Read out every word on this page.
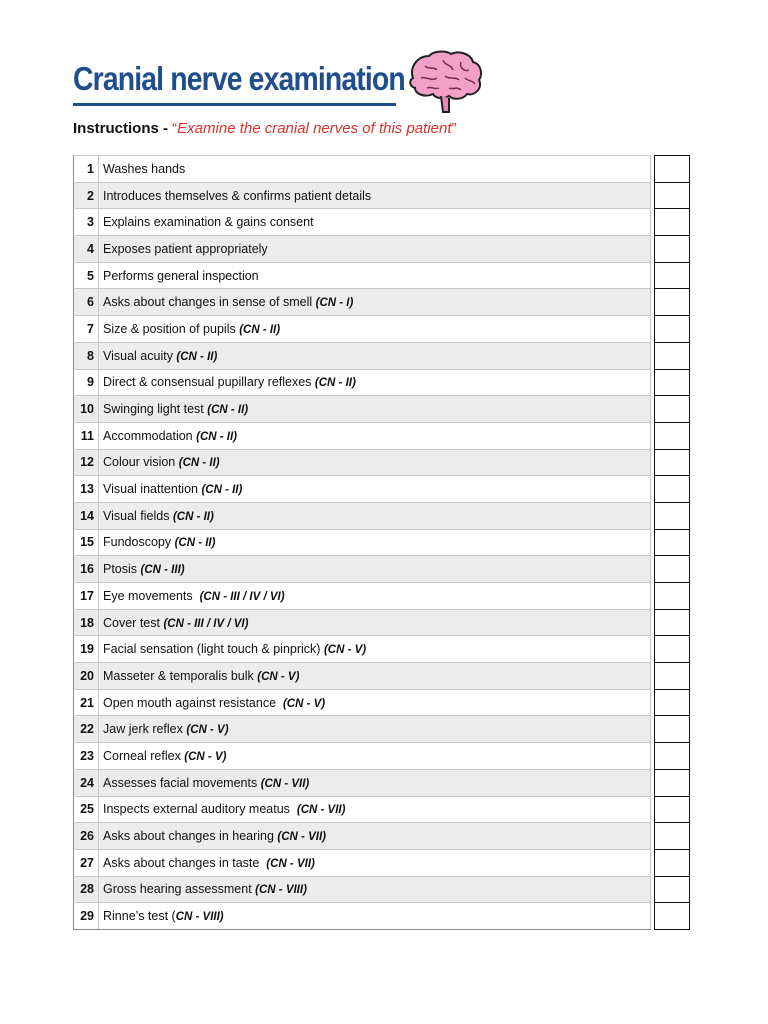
Cranial nerve examination
Instructions - “Examine the cranial nerves of this patient”
1	Washes hands		
2	Introduces themselves & confirms patient details		
3	Explains examination & gains consent		
4	Exposes patient appropriately		
5	Performs general inspection		
6	Asks about changes in sense of smell (CN - I)		
7	Size & position of pupils (CN - II)		
8	Visual acuity (CN - II)		
9	Direct & consensual pupillary reflexes (CN - II)		
10	Swinging light test (CN - II)		
11	Accommodation (CN - II)		
12	Colour vision (CN - II)		
13	Visual inattention (CN - II)		
14	Visual fields (CN - II)		
15	Fundoscopy (CN - II)		
16	Ptosis (CN - III)		
17	Eye movements  (CN - III / IV / VI)		
18	Cover test (CN - III / IV / VI)		
19	Facial sensation (light touch & pinprick) (CN - V)		
20	Masseter & temporalis bulk (CN - V)		
21	Open mouth against resistance  (CN - V)		
22	Jaw jerk reflex (CN - V)		
23	Corneal reflex (CN - V)		
24	Assesses facial movements (CN - VII)		
25	Inspects external auditory meatus  (CN - VII)		
26	Asks about changes in hearing (CN - VII)		
27	Asks about changes in taste  (CN - VII)		
28	Gross hearing assessment (CN - VIII)		
29	Rinne’s test (CN - VIII)		
